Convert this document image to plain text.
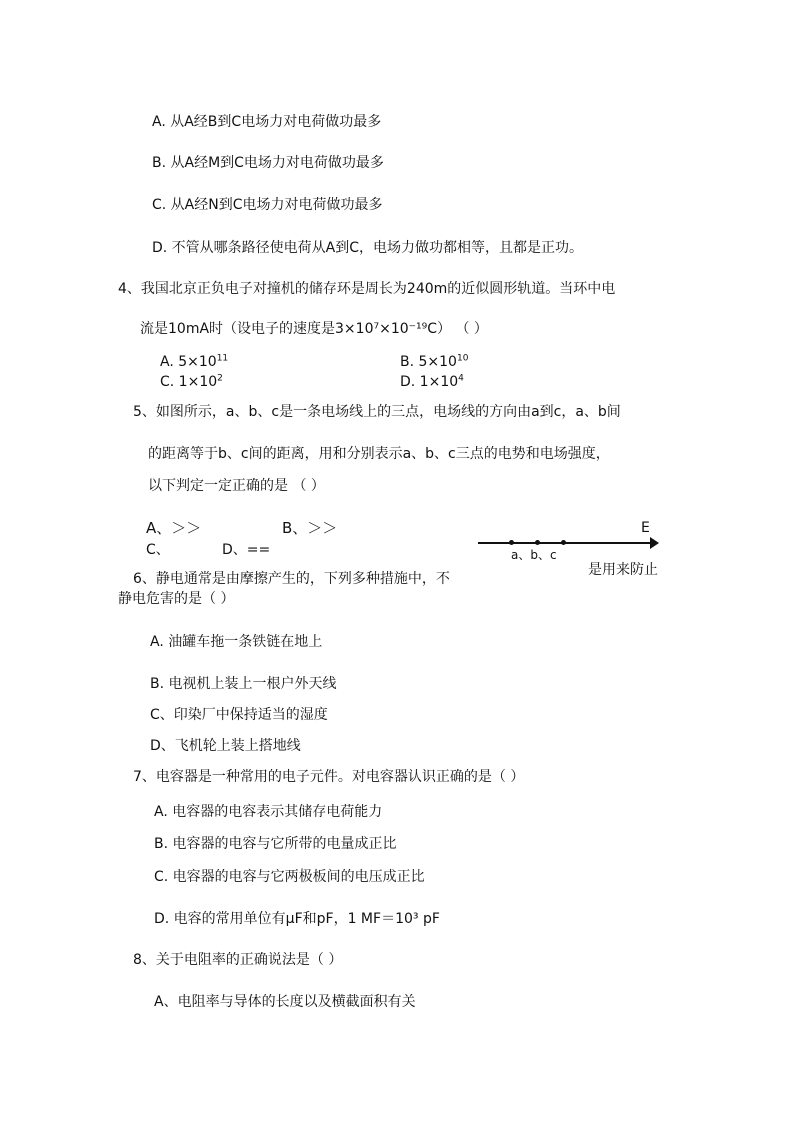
A. 从A经B到C电场力对电荷做功最多
B. 从A经M到C电场力对电荷做功最多
C. 从A经N到C电场力对电荷做功最多
D. 不管从哪条路径使电荷从A到C，电场力做功都相等，且都是正功。
4、我国北京正负电子对撞机的储存环是周长为240m的近似圆形轨道。当环中电
流是10mA时（设电子的速度是3×10⁷×10⁻¹⁹C） （ ）
A. $5\times 10^{11}$	B. $5\times 10^{10}$
C. $1\times 10^2$	D. $1\times 10^4$
5、如图所示，a、b、c是一条电场线上的三点，电场线的方向由a到c，a、b间
的距离等于b、c间的距离，用和分别表示a、b、c三点的电势和电场强度，
以下判定一定正确的是 （ ）
A、＞＞	B、＞＞
C、	D、==
E
a、b、c
6、静电通常是由摩擦产生的，下列多种措施中，不
是用来防止
静电危害的是（ ）
A. 油罐车拖一条铁链在地上
B. 电视机上装上一根户外天线
C、印染厂中保持适当的湿度
D、飞机轮上装上搭地线
7、电容器是一种常用的电子元件。对电容器认识正确的是（ ）
A. 电容器的电容表示其储存电荷能力
B. 电容器的电容与它所带的电量成正比
C. 电容器的电容与它两极板间的电压成正比
D. 电容的常用单位有μF和pF，1 MF＝10³ pF
8、关于电阻率的正确说法是（ ）
A、电阻率与导体的长度以及横截面积有关
